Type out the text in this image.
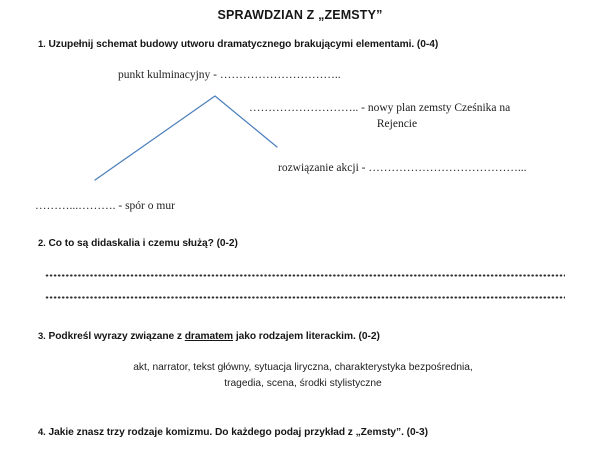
SPRAWDZIAN Z „ZEMSTY”
1. Uzupełnij schemat budowy utworu dramatycznego brakującymi elementami. (0-4)
punkt kulminacyjny - …………………………..
……………………….. - nowy plan zemsty Cześnika na
Rejencie
rozwiązanie akcji - …………………………………...
………...………. - spór o mur
2. Co to są didaskalia i czemu służą? (0-2)
3. Podkreśl wyrazy związane z dramatem jako rodzajem literackim. (0-2)
akt, narrator, tekst główny, sytuacja liryczna, charakterystyka bezpośrednia,
tragedia, scena, środki stylistyczne
4. Jakie znasz trzy rodzaje komizmu. Do każdego podaj przykład z „Zemsty”. (0-3)
